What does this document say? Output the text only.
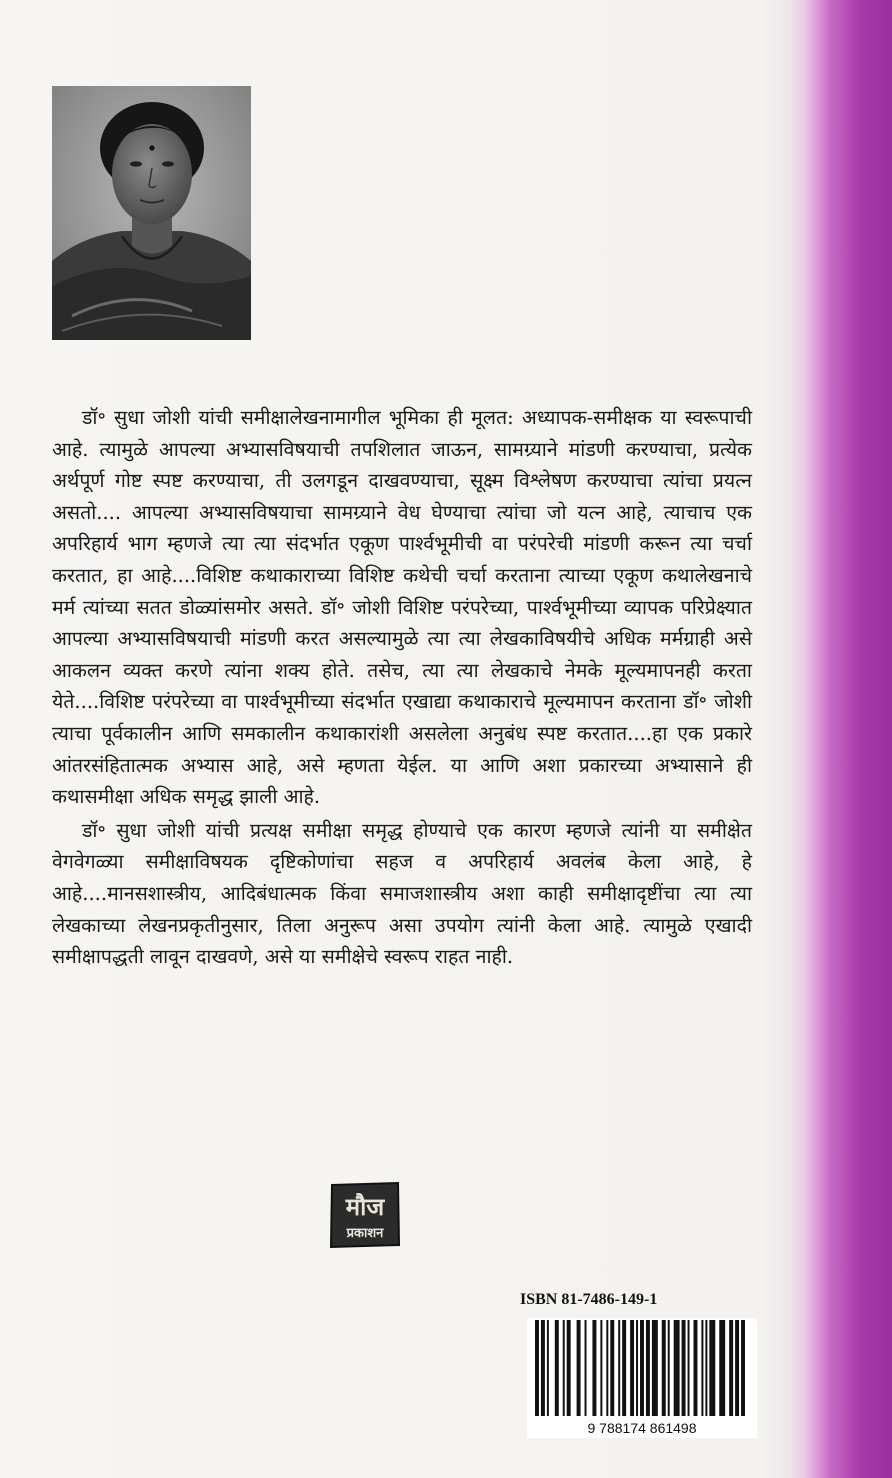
डॉ॰ सुधा जोशी यांची समीक्षालेखनामागील भूमिका ही मूलत: अध्यापक-समीक्षक या स्वरूपाची आहे. त्यामुळे आपल्या अभ्यासविषयाची तपशिलात जाऊन, सामग्र्याने मांडणी करण्याचा, प्रत्येक अर्थपूर्ण गोष्ट स्पष्ट करण्याचा, ती उलगडून दाखवण्याचा, सूक्ष्म विश्लेषण करण्याचा त्यांचा प्रयत्न असतो.... आपल्या अभ्यासविषयाचा सामग्र्याने वेध घेण्याचा त्यांचा जो यत्न आहे, त्याचाच एक अपरिहार्य भाग म्हणजे त्या त्या संदर्भात एकूण पार्श्वभूमीची वा परंपरेची मांडणी करून त्या चर्चा करतात, हा आहे....विशिष्ट कथाकाराच्या विशिष्ट कथेची चर्चा करताना त्याच्या एकूण कथालेखनाचे मर्म त्यांच्या सतत डोळ्यांसमोर असते. डॉ॰ जोशी विशिष्ट परंपरेच्या, पार्श्वभूमीच्या व्यापक परिप्रेक्ष्यात आपल्या अभ्यासविषयाची मांडणी करत असल्यामुळे त्या त्या लेखकाविषयीचे अधिक मर्मग्राही असे आकलन व्यक्त करणे त्यांना शक्य होते. तसेच, त्या त्या लेखकाचे नेमके मूल्यमापनही करता येते....विशिष्ट परंपरेच्या वा पार्श्वभूमीच्या संदर्भात एखाद्या कथाकाराचे मूल्यमापन करताना डॉ॰ जोशी त्याचा पूर्वकालीन आणि समकालीन कथाकारांशी असलेला अनुबंध स्पष्ट करतात....हा एक प्रकारे आंतरसंहितात्मक अभ्यास आहे, असे म्हणता येईल. या आणि अशा प्रकारच्या अभ्यासाने ही कथासमीक्षा अधिक समृद्ध झाली आहे.

डॉ॰ सुधा जोशी यांची प्रत्यक्ष समीक्षा समृद्ध होण्याचे एक कारण म्हणजे त्यांनी या समीक्षेत वेगवेगळ्या समीक्षाविषयक दृष्टिकोणांचा सहज व अपरिहार्य अवलंब केला आहे, हे आहे....मानसशास्त्रीय, आदिबंधात्मक किंवा समाजशास्त्रीय अशा काही समीक्षादृष्टींचा त्या त्या लेखकाच्या लेखनप्रकृतीनुसार, तिला अनुरूप असा उपयोग त्यांनी केला आहे. त्यामुळे एखादी समीक्षापद्धती लावून दाखवणे, असे या समीक्षेचे स्वरूप राहत नाही.

मौज
प्रकाशन
ISBN 81-7486-149-1
9 788174 861498
